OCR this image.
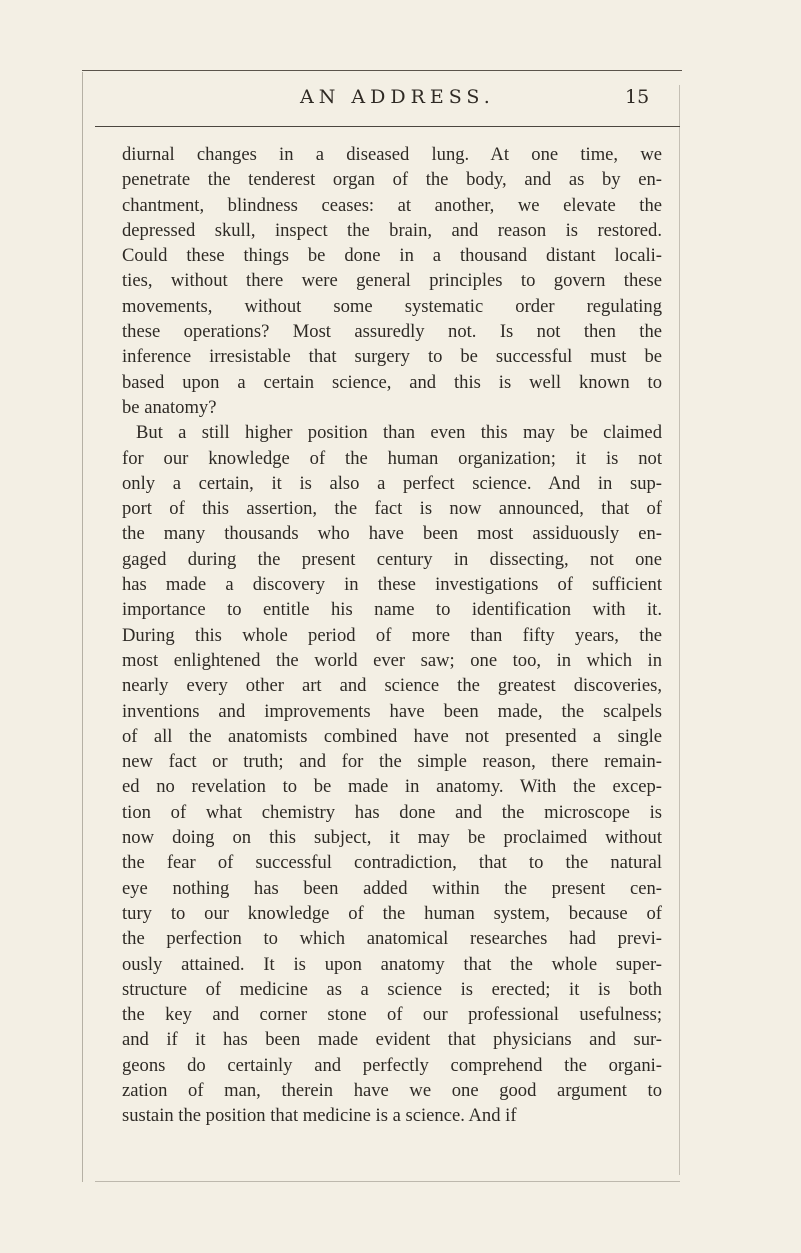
AN ADDRESS.	15
diurnal changes in a diseased lung. At one time, we
penetrate the tenderest organ of the body, and as by en-
chantment, blindness ceases: at another, we elevate the
depressed skull, inspect the brain, and reason is restored.
Could these things be done in a thousand distant locali-
ties, without there were general principles to govern these
movements, without some systematic order regulating
these operations? Most assuredly not. Is not then the
inference irresistable that surgery to be successful must be
based upon a certain science, and this is well known to
be anatomy?
But a still higher position than even this may be claimed
for our knowledge of the human organization; it is not
only a certain, it is also a perfect science. And in sup-
port of this assertion, the fact is now announced, that of
the many thousands who have been most assiduously en-
gaged during the present century in dissecting, not one
has made a discovery in these investigations of sufficient
importance to entitle his name to identification with it.
During this whole period of more than fifty years, the
most enlightened the world ever saw; one too, in which in
nearly every other art and science the greatest discoveries,
inventions and improvements have been made, the scalpels
of all the anatomists combined have not presented a single
new fact or truth; and for the simple reason, there remain-
ed no revelation to be made in anatomy. With the excep-
tion of what chemistry has done and the microscope is
now doing on this subject, it may be proclaimed without
the fear of successful contradiction, that to the natural
eye nothing has been added within the present cen-
tury to our knowledge of the human system, because of
the perfection to which anatomical researches had previ-
ously attained. It is upon anatomy that the whole super-
structure of medicine as a science is erected; it is both
the key and corner stone of our professional usefulness;
and if it has been made evident that physicians and sur-
geons do certainly and perfectly comprehend the organi-
zation of man, therein have we one good argument to
sustain the position that medicine is a science. And if
